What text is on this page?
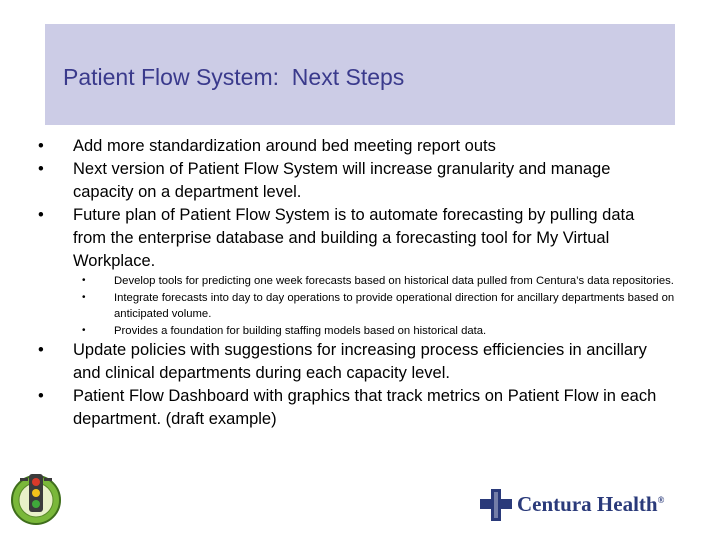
Patient Flow System:  Next Steps
• Add more standardization around bed meeting report outs
• Next version of Patient Flow System will increase granularity and manage capacity on a department level.
• Future plan of Patient Flow System is to automate forecasting by pulling data from the enterprise database and building a forecasting tool for My Virtual Workplace.
•	Develop tools for predicting one week forecasts based on historical data pulled from Centura’s data repositories.
•	Integrate forecasts into day to day operations to provide operational direction for ancillary departments based on anticipated volume.
•	Provides a foundation for building staffing models based on historical data.
• Update policies with suggestions for increasing process efficiencies in ancillary and clinical departments during each capacity level.
• Patient Flow Dashboard with graphics that track metrics on Patient Flow in each department. (draft example)
Centura Health®
